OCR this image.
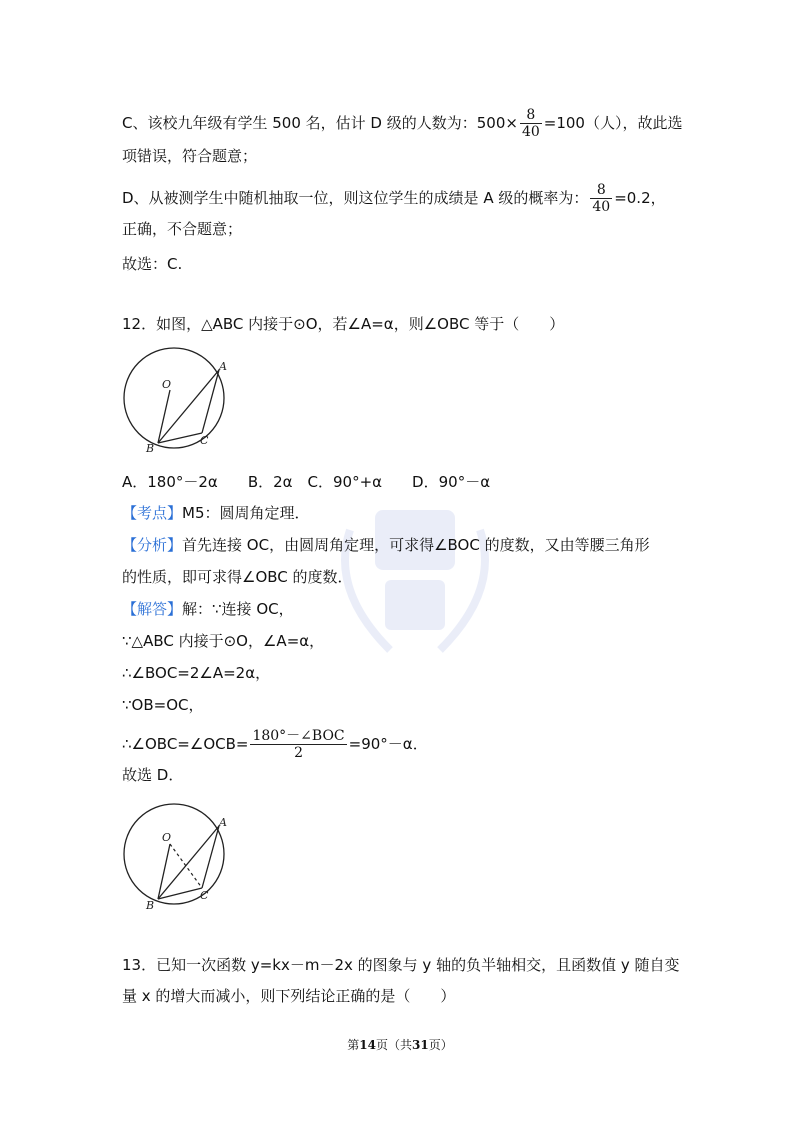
C、该校九年级有学生 500 名，估计 D 级的人数为：$500\times \frac{8}{40} =100$（人），故此选
项错误，符合题意；
D、从被测学生中随机抽取一位，则这位学生的成绩是 A 级的概率为： $\frac{8}{40} =0.2$，
正确，不合题意；
故选：C.
12．如图，△ABC 内接于⊙O，若∠A=α，则∠OBC 等于（　　）
O
A
B
C
A．180°－2α　　B．2α　C．90°+α　　D．90°－α
【考点】M5：圆周角定理．
【分析】首先连接 OC，由圆周角定理，可求得∠BOC 的度数，又由等腰三角形
的性质，即可求得∠OBC 的度数．
【解答】解：∵连接 OC，
∵△ABC 内接于⊙O，∠A=α，
∴∠BOC=2∠A=2α，
∵OB=OC，
∴∠OBC=∠OCB= $\frac{\text{180°－∠BOC}}{2} =90^\circ-\alpha$．
故选 D．
O
A
B
C
13．已知一次函数 y=kx－m－2x 的图象与 y 轴的负半轴相交，且函数值 y 随自变
量 x 的增大而减小，则下列结论正确的是（　　）
第14页（共31页）
